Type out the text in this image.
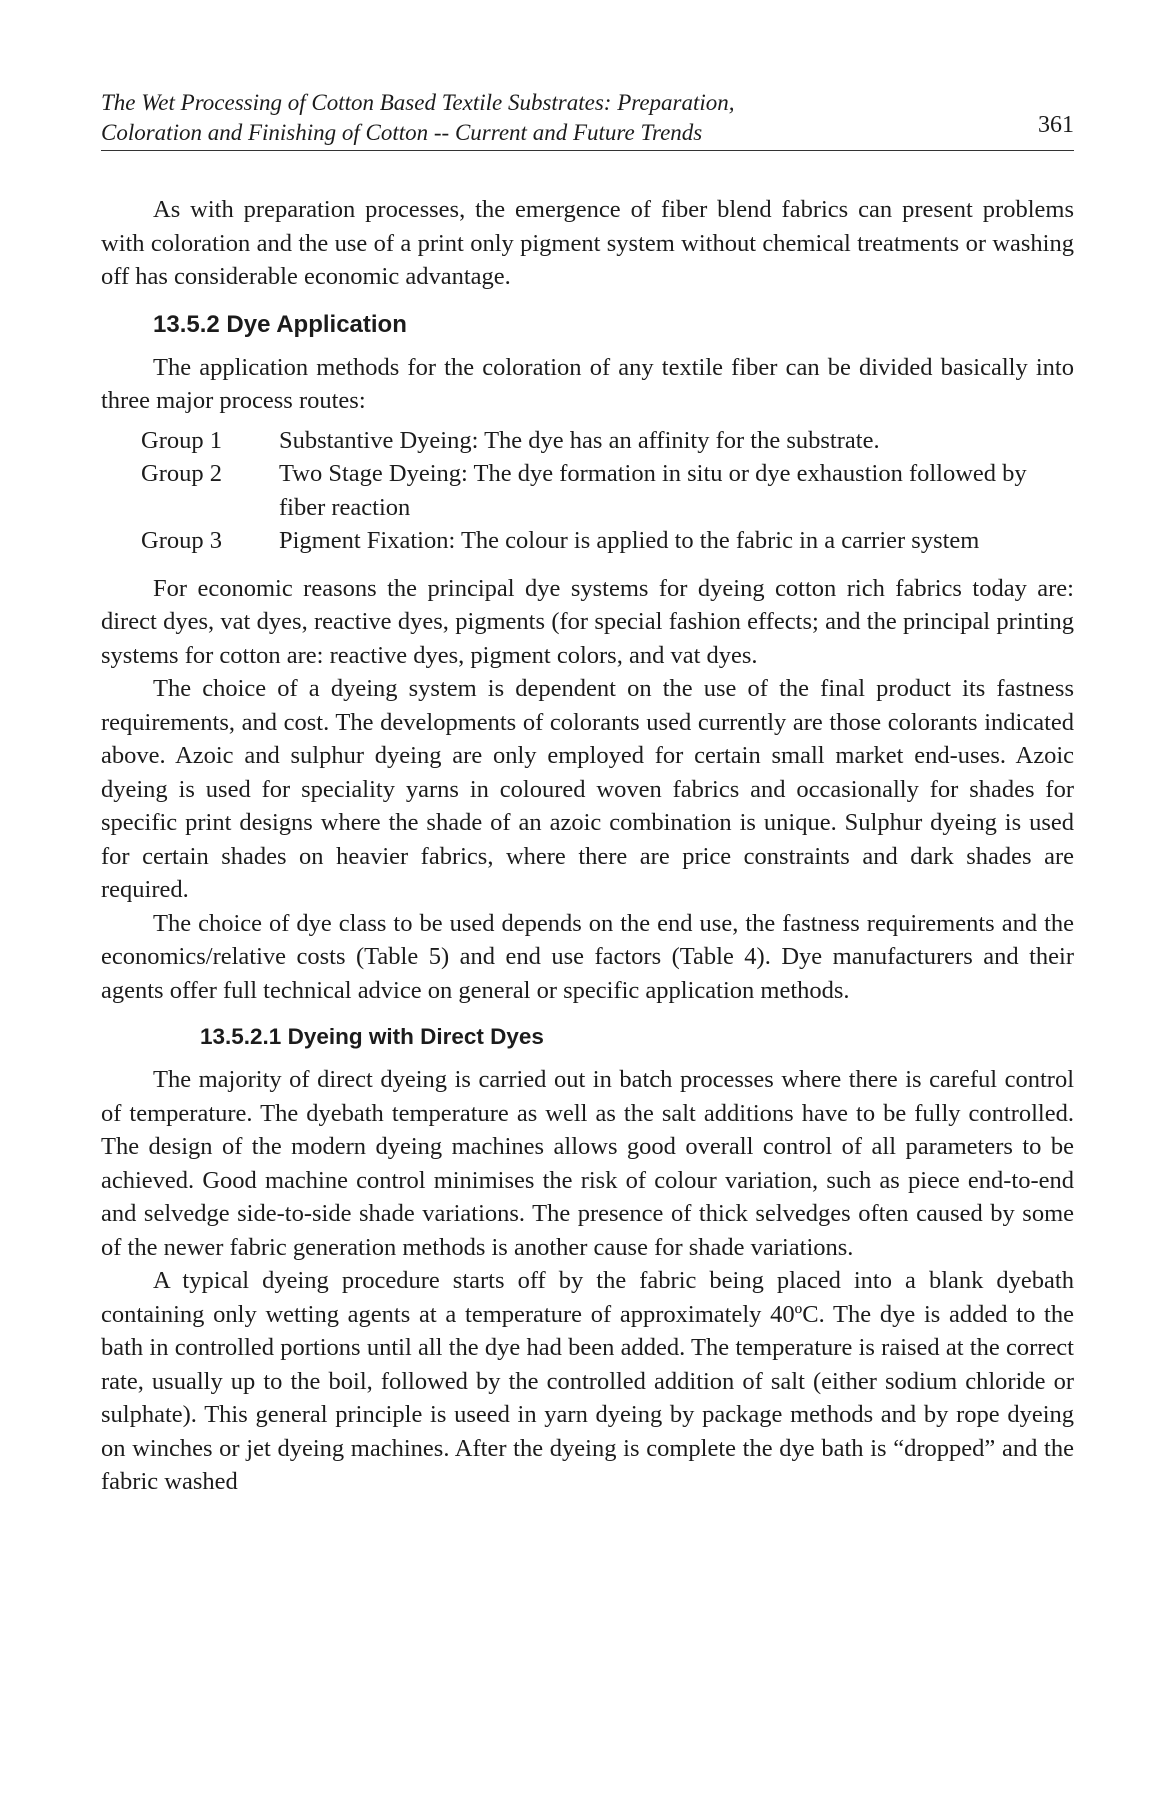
The Wet Processing of Cotton Based Textile Substrates: Preparation,
Coloration and Finishing of Cotton -- Current and Future Trends	361

As with preparation processes, the emergence of fiber blend fabrics can present problems with coloration and the use of a print only pigment system without chemical treatments or washing off has considerable economic advantage.

13.5.2 Dye Application

The application methods for the coloration of any textile fiber can be divided basically into three major process routes:

Group 1	Substantive Dyeing: The dye has an affinity for the substrate.
Group 2	Two Stage Dyeing: The dye formation in situ or dye exhaustion followed by fiber reaction
Group 3	Pigment Fixation: The colour is applied to the fabric in a carrier system

For economic reasons the principal dye systems for dyeing cotton rich fabrics today are: direct dyes, vat dyes, reactive dyes, pigments (for special fashion effects; and the principal printing systems for cotton are: reactive dyes, pigment colors, and vat dyes.

The choice of a dyeing system is dependent on the use of the final product its fastness requirements, and cost. The developments of colorants used currently are those colorants indicated above. Azoic and sulphur dyeing are only employed for certain small market end-uses. Azoic dyeing is used for speciality yarns in coloured woven fabrics and occasionally for shades for specific print designs where the shade of an azoic combination is unique. Sulphur dyeing is used for certain shades on heavier fabrics, where there are price constraints and dark shades are required.

The choice of dye class to be used depends on the end use, the fastness requirements and the economics/relative costs (Table 5) and end use factors (Table 4). Dye manufacturers and their agents offer full technical advice on general or specific application methods.

13.5.2.1 Dyeing with Direct Dyes

The majority of direct dyeing is carried out in batch processes where there is careful control of temperature. The dyebath temperature as well as the salt additions have to be fully controlled. The design of the modern dyeing machines allows good overall control of all parameters to be achieved. Good machine control minimises the risk of colour variation, such as piece end-to-end and selvedge side-to-side shade variations. The presence of thick selvedges often caused by some of the newer fabric generation methods is another cause for shade variations.

A typical dyeing procedure starts off by the fabric being placed into a blank dyebath containing only wetting agents at a temperature of approximately 40ºC. The dye is added to the bath in controlled portions until all the dye had been added. The temperature is raised at the correct rate, usually up to the boil, followed by the controlled addition of salt (either sodium chloride or sulphate). This general principle is useed in yarn dyeing by package methods and by rope dyeing on winches or jet dyeing machines. After the dyeing is complete the dye bath is “dropped” and the fabric washed
